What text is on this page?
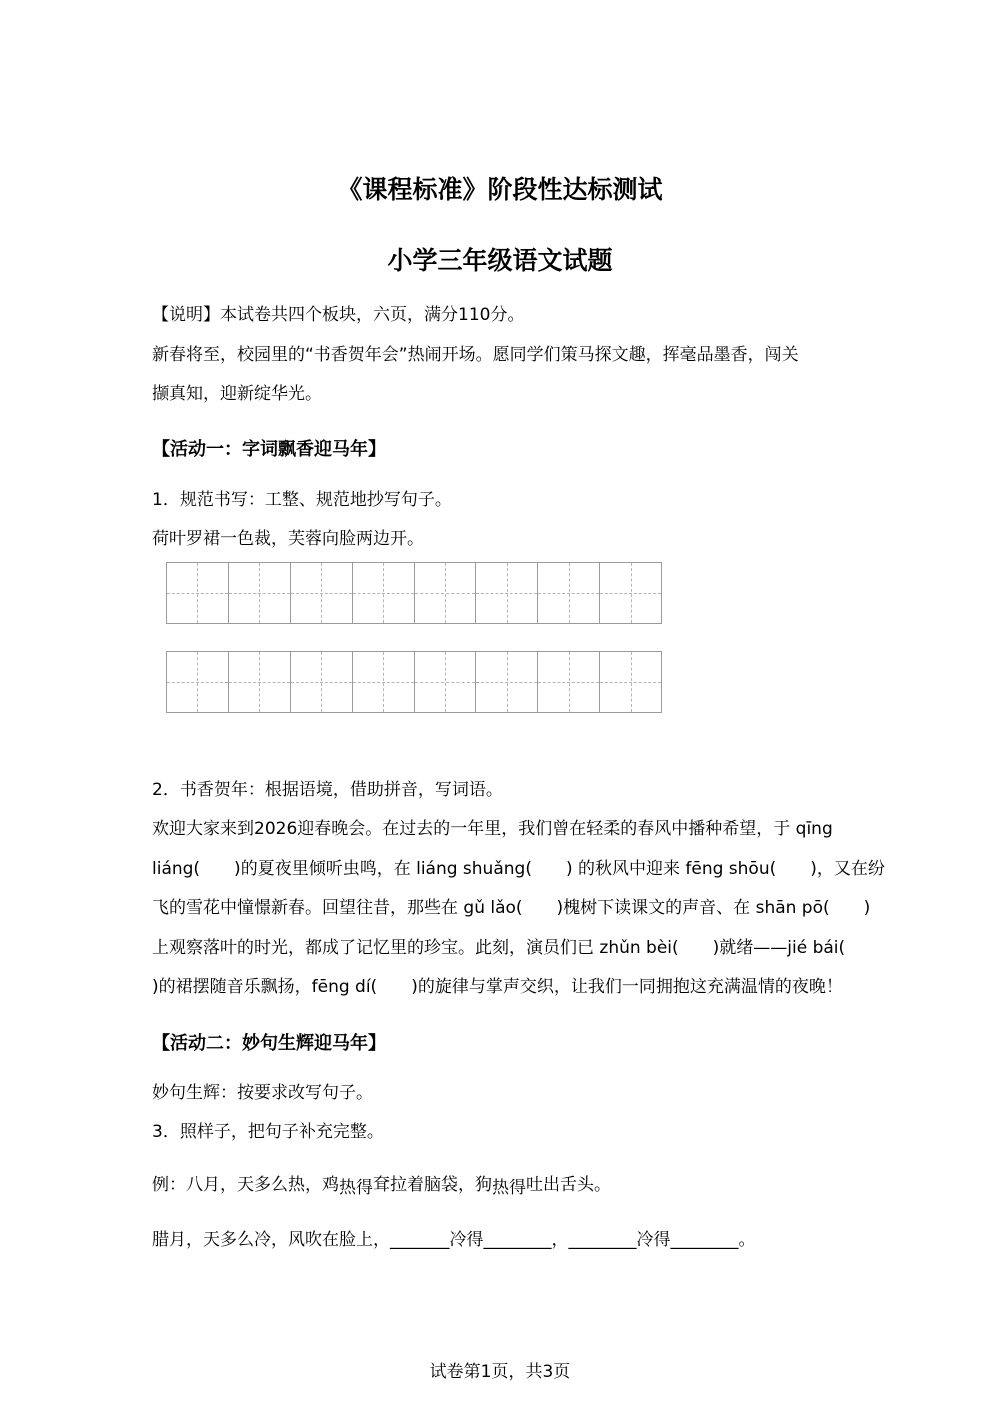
《课程标准》阶段性达标测试
小学三年级语文试题
【说明】本试卷共四个板块，六页，满分110分。
新春将至，校园里的“书香贺年会”热闹开场。愿同学们策马探文趣，挥毫品墨香，闯关
撷真知，迎新绽华光。
【活动一：字词飘香迎马年】
1．规范书写：工整、规范地抄写句子。
荷叶罗裙一色裁，芙蓉向脸两边开。

2．书香贺年：根据语境，借助拼音，写词语。
欢迎大家来到2026迎春晚会。在过去的一年里，我们曾在轻柔的春风中播种希望，于 qīng
liáng(　　)的夏夜里倾听虫鸣，在 liáng shuǎng(　　) 的秋风中迎来 fēng shōu(　　)，又在纷
飞的雪花中憧憬新春。回望往昔，那些在 gǔ lǎo(　　)槐树下读课文的声音、在 shān pō(　　)
上观察落叶的时光，都成了记忆里的珍宝。此刻，演员们已 zhǔn bèi(　　)就绪——jié bái(
)的裙摆随音乐飘扬，fēng dí(　　)的旋律与掌声交织，让我们一同拥抱这充满温情的夜晚！
【活动二：妙句生辉迎马年】
妙句生辉：按要求改写句子。
3．照样子，把句子补充完整。
例：八月，天多么热，鸡热得耷拉着脑袋，狗热得吐出舌头。
腊月，天多么冷，风吹在脸上，_______冷得________，________冷得________。
试卷第1页，共3页
